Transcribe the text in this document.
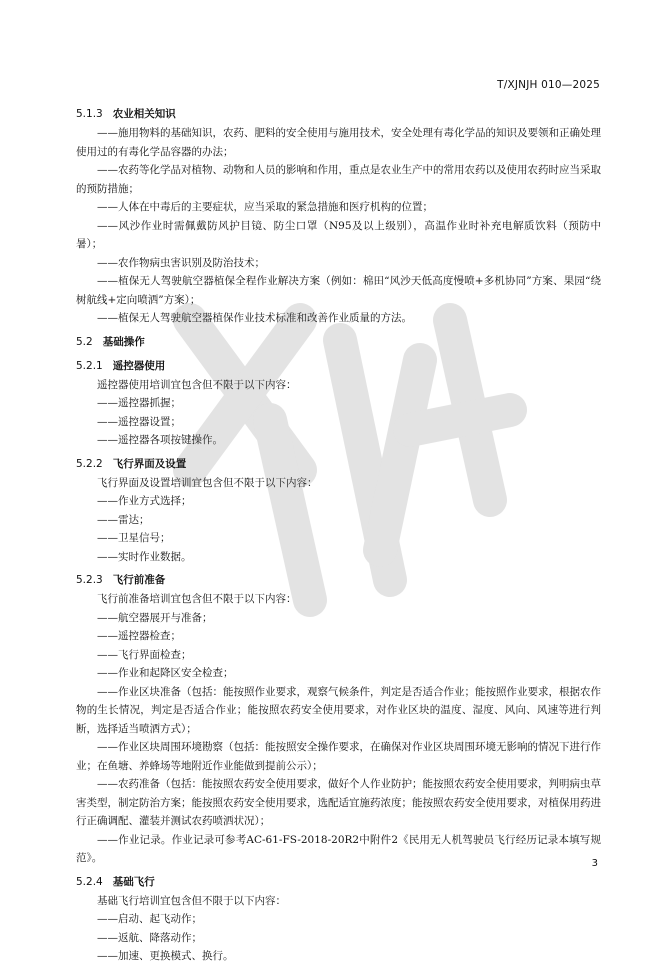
T/XJNJH 010—2025
5.1.3 农业相关知识

——施用物料的基础知识，农药、肥料的安全使用与施用技术，安全处理有毒化学品的知识及要领和正确处理使用过的有毒化学品容器的办法；

——农药等化学品对植物、动物和人员的影响和作用，重点是农业生产中的常用农药以及使用农药时应当采取的预防措施；

——人体在中毒后的主要症状，应当采取的紧急措施和医疗机构的位置；

——风沙作业时需佩戴防风护目镜、防尘口罩（N95及以上级别），高温作业时补充电解质饮料（预防中暑）；

——农作物病虫害识别及防治技术；

——植保无人驾驶航空器植保全程作业解决方案（例如：棉田“风沙天低高度慢喷+多机协同”方案、果园“绕树航线+定向喷洒”方案）；

——植保无人驾驶航空器植保作业技术标准和改善作业质量的方法。

5.2 基础操作
5.2.1 遥控器使用

遥控器使用培训宜包含但不限于以下内容：

——遥控器抓握；

——遥控器设置；

——遥控器各项按键操作。

5.2.2 飞行界面及设置

飞行界面及设置培训宜包含但不限于以下内容：

——作业方式选择；

——雷达；

——卫星信号；

——实时作业数据。

5.2.3 飞行前准备

飞行前准备培训宜包含但不限于以下内容：

——航空器展开与准备；

——遥控器检查；

——飞行界面检查；

——作业和起降区安全检查；

——作业区块准备（包括：能按照作业要求，观察气候条件，判定是否适合作业；能按照作业要求，根据农作物的生长情况，判定是否适合作业；能按照农药安全使用要求，对作业区块的温度、湿度、风向、风速等进行判断，选择适当喷洒方式）；

——作业区块周围环境勘察（包括：能按照安全操作要求，在确保对作业区块周围环境无影响的情况下进行作业；在鱼塘、养蜂场等地附近作业能做到提前公示）；

——农药准备（包括：能按照农药安全使用要求，做好个人作业防护；能按照农药安全使用要求，判明病虫草害类型，制定防治方案；能按照农药安全使用要求，选配适宜施药浓度；能按照农药安全使用要求，对植保用药进行正确调配、灌装并测试农药喷洒状况）；

——作业记录。作业记录可参考AC-61-FS-2018-20R2中附件2《民用无人机驾驶员飞行经历记录本填写规范》。

5.2.4 基础飞行

基础飞行培训宜包含但不限于以下内容：

——启动、起飞动作；

——返航、降落动作；

——加速、更换模式、换行。

3
